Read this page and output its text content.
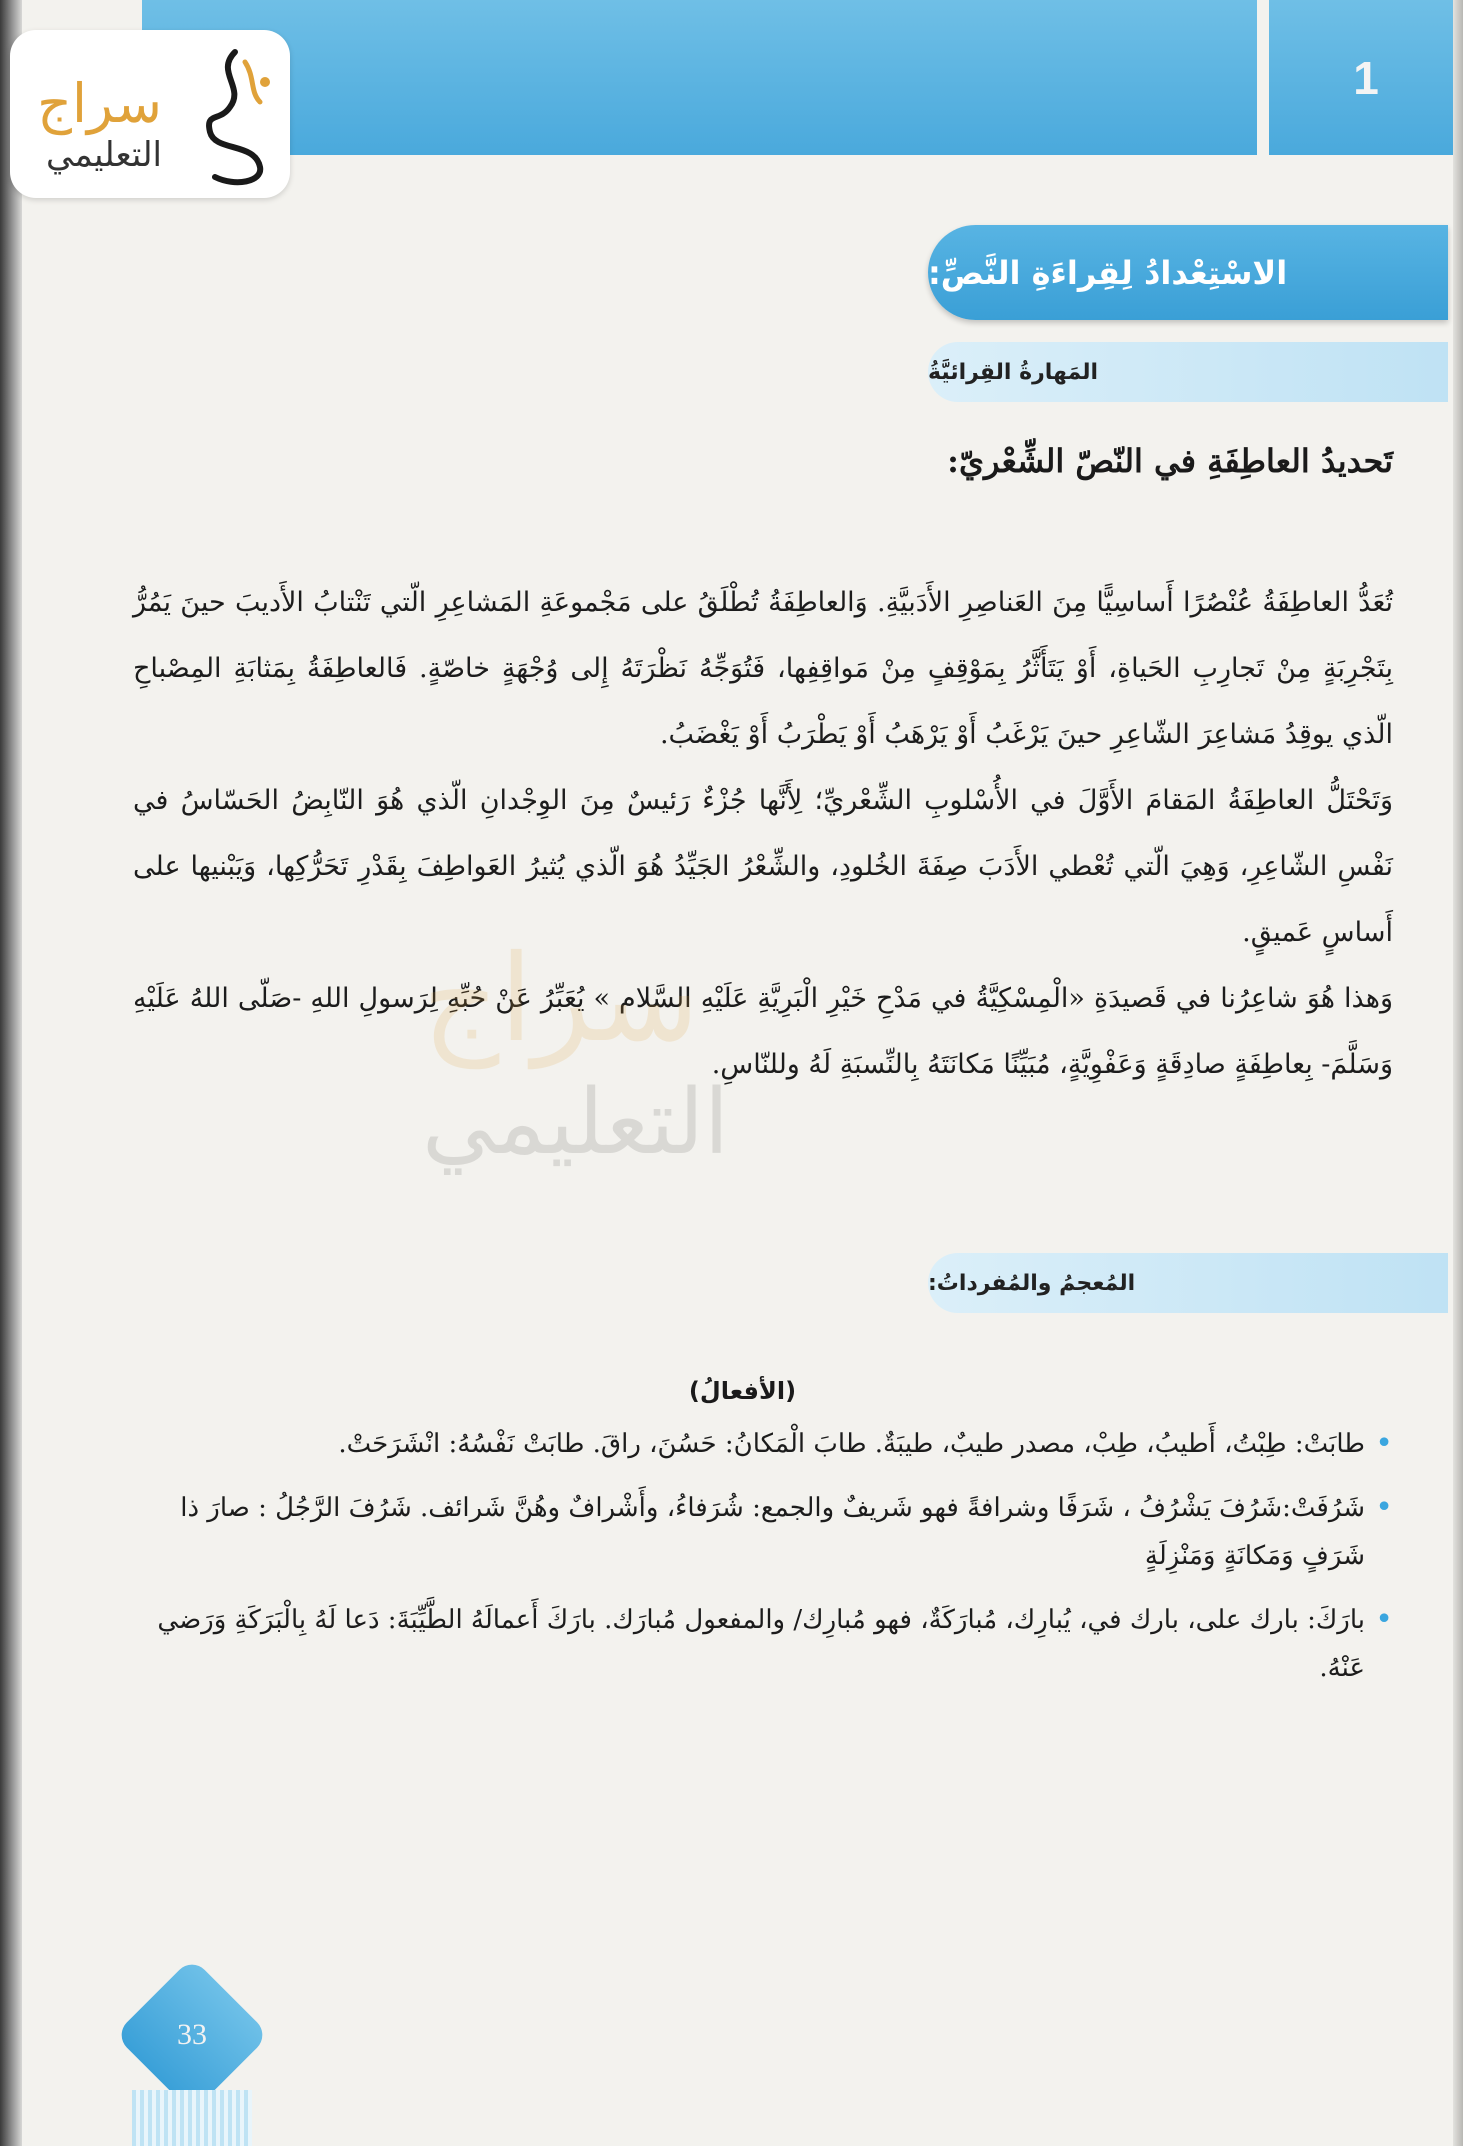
1
الاسْتِعْدادُ لِقِراءَةِ النَّصِّ:
المَهارةُ القِرائيَّةُ
تَحديدُ العاطِفَةِ في النّصّ الشِّعْريّ:

تُعَدُّ العاطِفَةُ عُنْصُرًا أَساسِيًّا مِنَ العَناصِرِ الأَدَبيَّةِ. وَالعاطِفَةُ تُطْلَقُ على مَجْموعَةِ المَشاعِرِ الّتي تَنْتابُ الأَديبَ حينَ يَمُرُّ بِتَجْرِبَةٍ مِنْ تَجارِبِ الحَياةِ، أَوْ يَتَأَثَّرُ بِمَوْقِفٍ مِنْ مَواقِفِها، فَتُوَجِّهُ نَظْرَتَهُ إِلى وُجْهَةٍ خاصّةٍ. فَالعاطِفَةُ بِمَثابَةِ المِصْباحِ الّذي يوقِدُ مَشاعِرَ الشّاعِرِ حينَ يَرْغَبُ أَوْ يَرْهَبُ أَوْ يَطْرَبُ أَوْ يَغْضَبُ.

وَتَحْتَلُّ العاطِفَةُ المَقامَ الأَوَّلَ في الأُسْلوبِ الشِّعْريِّ؛ لِأَنَّها جُزْءٌ رَئيسٌ مِنَ الوِجْدانِ الّذي هُوَ النّابِضُ الحَسّاسُ في نَفْسِ الشّاعِرِ، وَهِيَ الّتي تُعْطي الأَدَبَ صِفَةَ الخُلودِ، والشِّعْرُ الجَيِّدُ هُوَ الّذي يُثيرُ العَواطِفَ بِقَدْرِ تَحَرُّكِها، وَيَبْنيها على أَساسٍ عَميقٍ.

وَهذا هُوَ شاعِرُنا في قَصيدَةِ «الْمِسْكِيَّةُ في مَدْحِ خَيْرِ الْبَرِيَّةِ عَلَيْهِ السَّلام » يُعَبِّرُ عَنْ حُبِّهِ لِرَسولِ اللهِ -صَلّى اللهُ عَلَيْهِ وَسَلَّمَ- بِعاطِفَةٍ صادِقَةٍ وَعَفْوِيَّةٍ، مُبَيِّنًا مَكانَتَهُ بِالنِّسبَةِ لَهُ وللنّاسِ.

سراج
التعليمي
المُعجمُ والمُفرداتُ:
(الأفعالُ)
• طابَتْ: طِبْتُ، أَطيبُ، طِبْ، مصدر طيبٌ، طيبَةٌ. طابَ الْمَكانُ: حَسُنَ، راقَ. طابَتْ نَفْسُهُ: انْشَرَحَتْ.
• شَرُفَتْ:شَرُفَ يَشْرُفُ ، شَرَفًا وشرافةً فهو شَريفٌ والجمع: شُرَفاءُ، وأَشْرافٌ وهُنَّ شَرائف. شَرُفَ الرَّجُلُ : صارَ ذا شَرَفٍ وَمَكانَةٍ وَمَنْزِلَةٍ
• بارَكَ: بارك على، بارك في، يُبارِك، مُبارَكَةٌ، فهو مُبارِك/ والمفعول مُبارَك. بارَكَ أَعمالَهُ الطَّيِّبَةَ: دَعا لَهُ بِالْبَرَكَةِ وَرَضي عَنْهُ.
33
سراج
التعليمي
